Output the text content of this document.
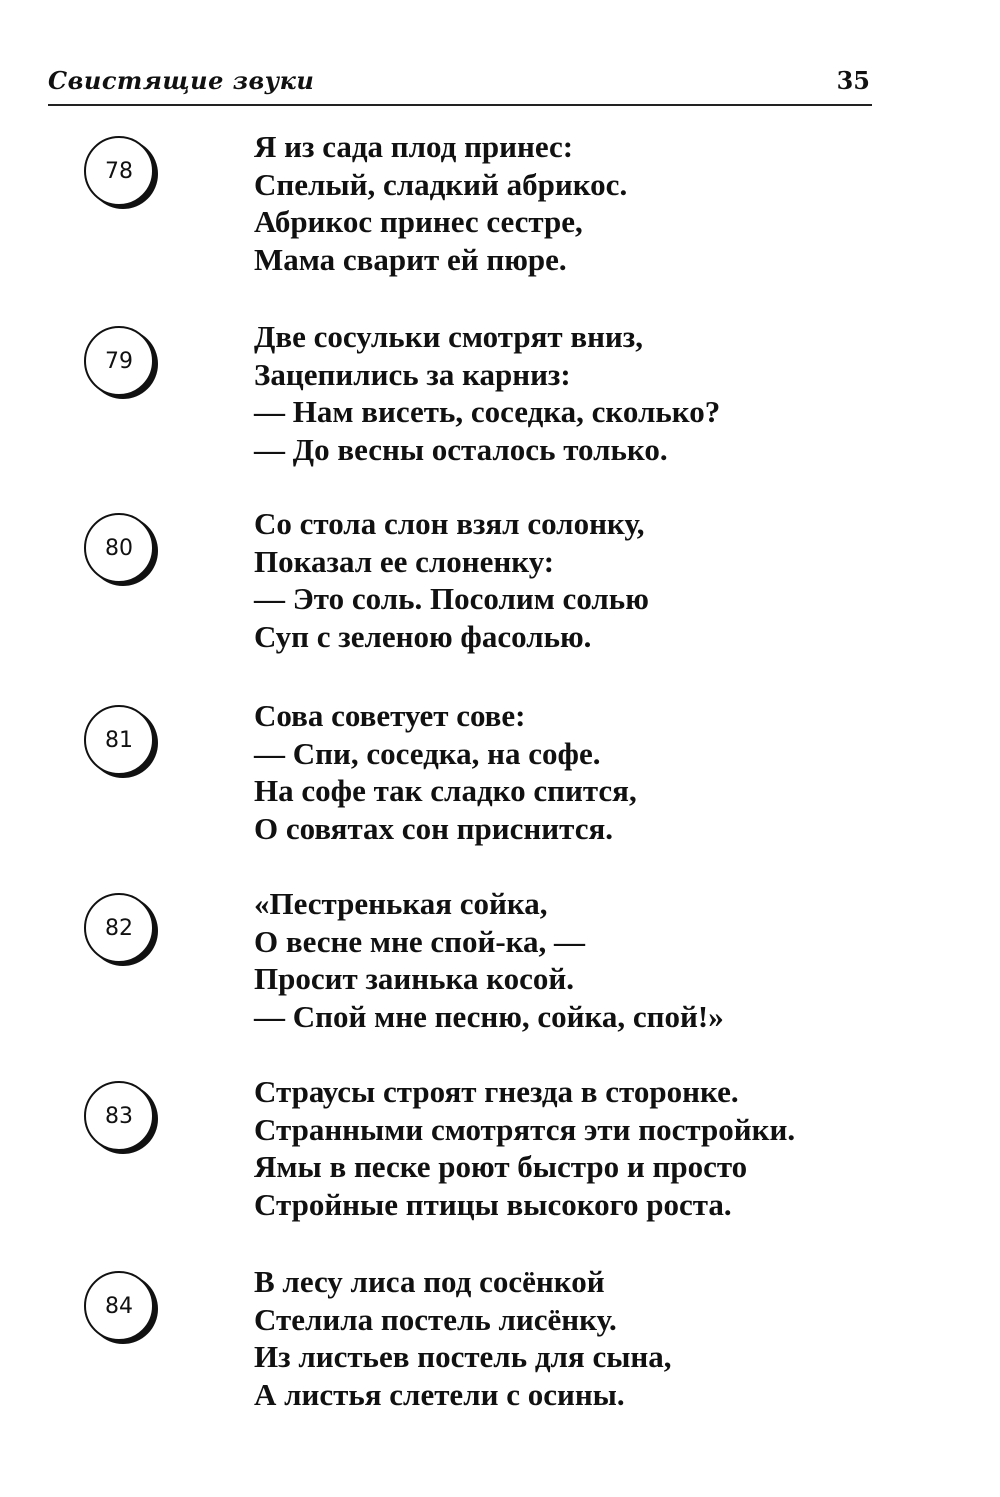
Свистящие звуки	35
78
Я из сада плод принес:
Спелый, сладкий абрикос.
Абрикос принес сестре,
Мама сварит ей пюре.
79
Две сосульки смотрят вниз,
Зацепились за карниз:
— Нам висеть, соседка, сколько?
— До весны осталось только.
80
Со стола слон взял солонку,
Показал ее слоненку:
— Это соль. Посолим солью
Суп с зеленою фасолью.
81
Сова советует сове:
— Спи, соседка, на софе.
На софе так сладко спится,
О совятах сон приснится.
82
«Пестренькая сойка,
О весне мне спой-ка, —
Просит заинька косой.
— Спой мне песню, сойка, спой!»
83
Страусы строят гнезда в сторонке.
Странными смотрятся эти постройки.
Ямы в песке роют быстро и просто
Стройные птицы высокого роста.
84
В лесу лиса под сосёнкой
Стелила постель лисёнку.
Из листьев постель для сына,
А листья слетели с осины.
